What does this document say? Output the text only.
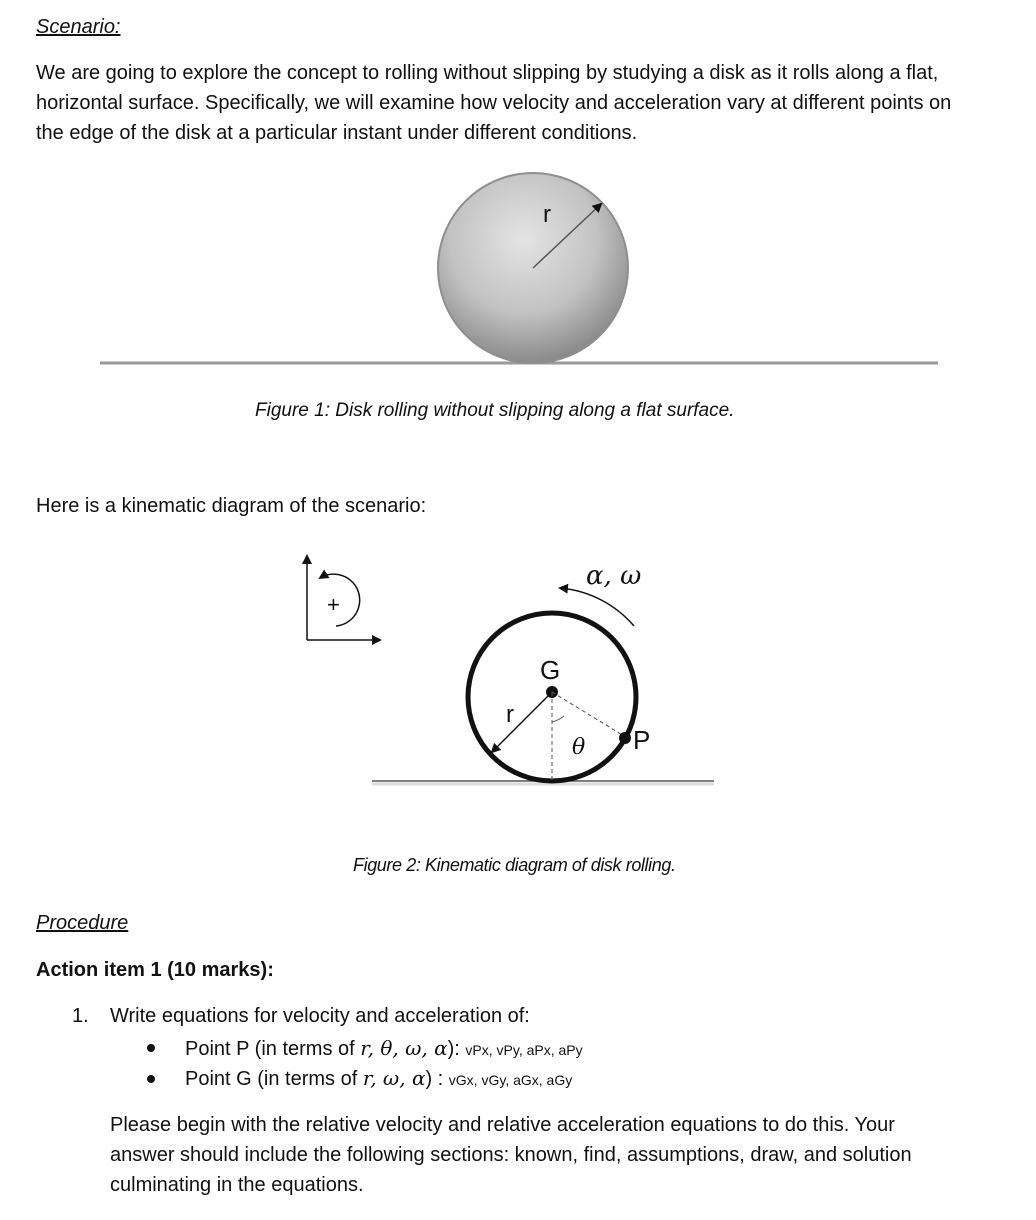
Scenario:
We are going to explore the concept to rolling without slipping by studying a disk as it rolls along a flat,
horizontal surface. Specifically, we will examine how velocity and acceleration vary at different points on
the edge of the disk at a particular instant under different conditions.
r
+
α, ω
G
r
θ P
Figure 1: Disk rolling without slipping along a flat surface.
Here is a kinematic diagram of the scenario:
Figure 2: Kinematic diagram of disk rolling.
Procedure
Action item 1 (10 marks):
1. Write equations for velocity and acceleration of:
Point P (in terms of r, θ, ω, α): vPx, vPy, aPx, aPy
Point G (in terms of r, ω, α) : vGx, vGy, aGx, aGy
Please begin with the relative velocity and relative acceleration equations to do this. Your
answer should include the following sections: known, find, assumptions, draw, and solution
culminating in the equations.
